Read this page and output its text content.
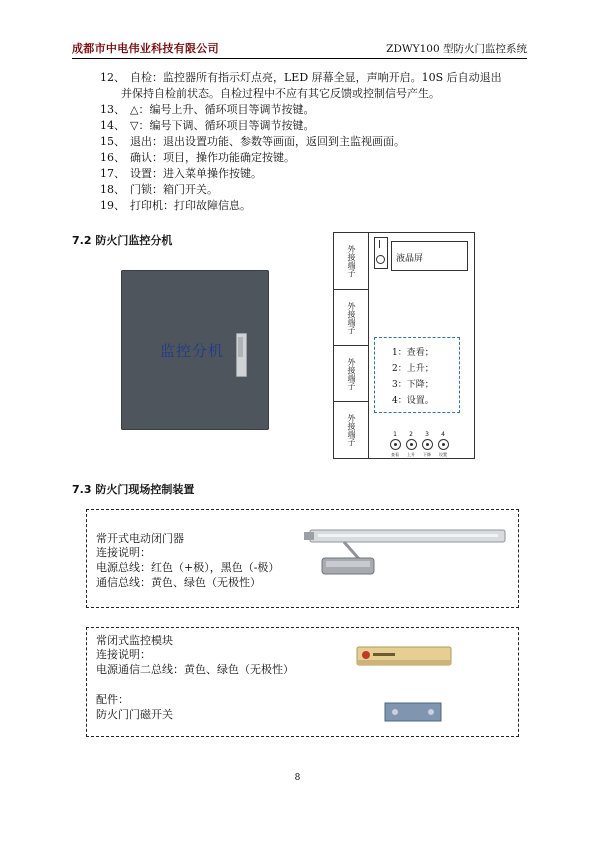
成都市中电伟业科技有限公司	ZDWY100 型防火门监控系统
12、 自检：监控器所有指示灯点亮，LED 屏幕全显，声响开启。10S 后自动退出
并保持自检前状态。自检过程中不应有其它反馈或控制信号产生。
13、 △：编号上升、循环项目等调节按键。
14、 ▽：编号下调、循环项目等调节按键。
15、 退出：退出设置功能、参数等画面，返回到主监视画面。
16、 确认：项目，操作功能确定按键。
17、 设置：进入菜单操作按键。
18、 门锁：箱门开关。
19、 打印机：打印故障信息。
7.2 防火门监控分机
监控分机
外接端子
外接端子
外接端子
外接端子
液晶屏
1：查看；
2：上升；
3：下降；
4：设置。
1	2	3	4
查看	上升	下降	设置
7.3 防火门现场控制装置
常开式电动闭门器
连接说明：
电源总线：红色（+极），黑色（-极）
通信总线：黄色、绿色（无极性）
常闭式监控模块
连接说明：
电源通信二总线：黄色、绿色（无极性）
配件：
防火门门磁开关
8
